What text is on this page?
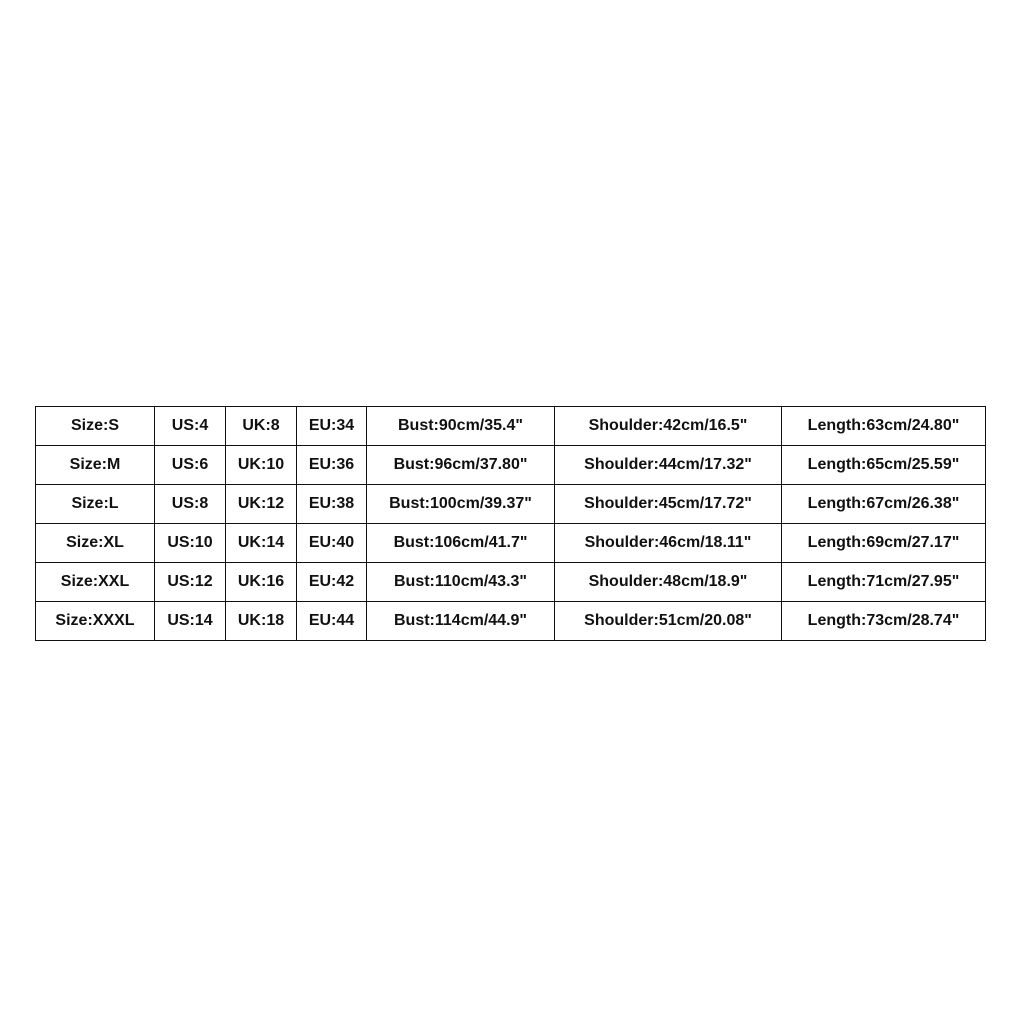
Size:S	US:4	UK:8	EU:34	Bust:90cm/35.4"	Shoulder:42cm/16.5"	Length:63cm/24.80"
Size:M	US:6	UK:10	EU:36	Bust:96cm/37.80"	Shoulder:44cm/17.32"	Length:65cm/25.59"
Size:L	US:8	UK:12	EU:38	Bust:100cm/39.37"	Shoulder:45cm/17.72"	Length:67cm/26.38"
Size:XL	US:10	UK:14	EU:40	Bust:106cm/41.7"	Shoulder:46cm/18.11"	Length:69cm/27.17"
Size:XXL	US:12	UK:16	EU:42	Bust:110cm/43.3"	Shoulder:48cm/18.9"	Length:71cm/27.95"
Size:XXXL	US:14	UK:18	EU:44	Bust:114cm/44.9"	Shoulder:51cm/20.08"	Length:73cm/28.74"
